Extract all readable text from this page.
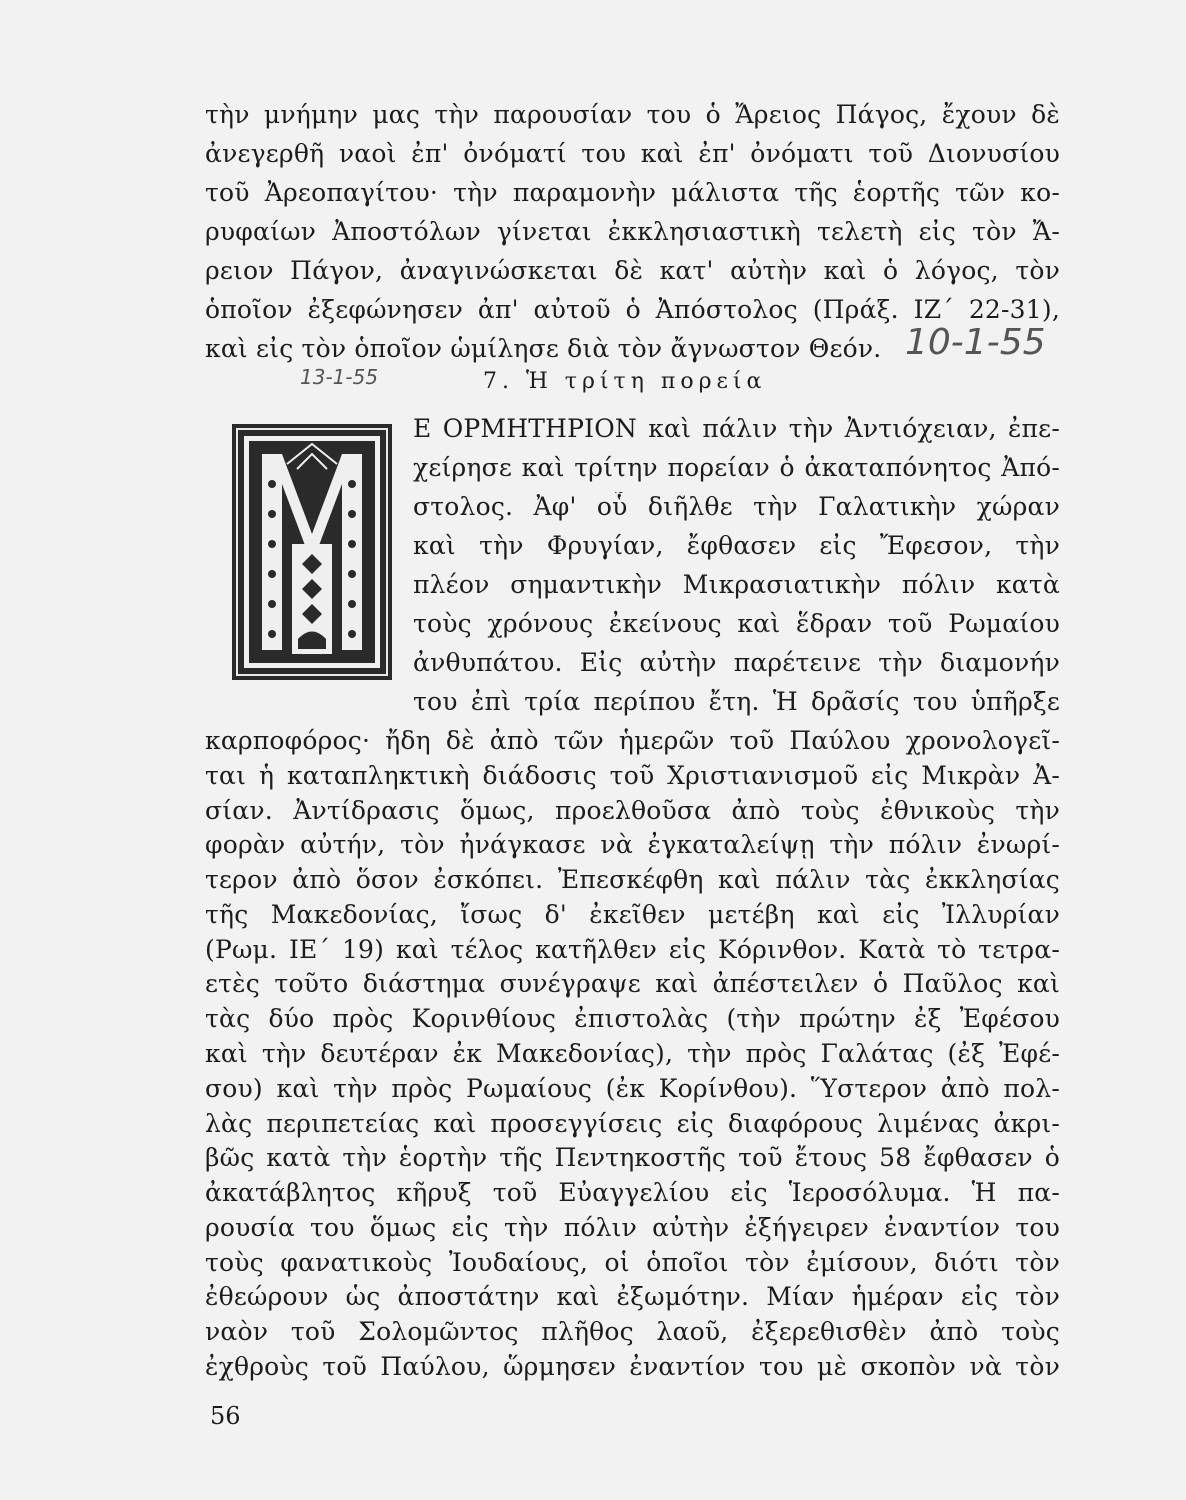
τὴν μνήμην μας τὴν παρουσίαν του ὁ Ἄρειος Πάγος, ἔχουν δὲ
ἀνεγερθῆ ναοὶ ἐπ' ὀνόματί του καὶ ἐπ' ὀνόματι τοῦ Διονυσίου
τοῦ Ἀρεοπαγίτου· τὴν παραμονὴν μάλιστα τῆς ἑορτῆς τῶν κο-
ρυφαίων Ἀποστόλων γίνεται ἐκκλησιαστικὴ τελετὴ εἰς τὸν Ἄ-
ρειον Πάγον, ἀναγινώσκεται δὲ κατ' αὐτὴν καὶ ὁ λόγος, τὸν
ὁποῖον ἐξεφώνησεν ἀπ' αὐτοῦ ὁ Ἀπόστολος (Πράξ. ΙΖ΄ 22-31),
καὶ εἰς τὸν ὁποῖον ὡμίλησε διὰ τὸν ἄγνωστον Θεόν. 10-1-55
13-1-55	7. Ἡ τρίτη πορεία
Ε ΟΡΜΗΤΗΡΙΟΝ καὶ πάλιν τὴν Ἀντιόχειαν, ἐπε-
χείρησε καὶ τρίτην πορείαν ὁ ἀκαταπόνητος Ἀπό-
στολος. Ἀφ' οὗ διῆλθε τὴν Γαλατικὴν χώραν
καὶ τὴν Φρυγίαν, ἔφθασεν εἰς Ἔφεσον, τὴν
πλέον σημαντικὴν Μικρασιατικὴν πόλιν κατὰ
τοὺς χρόνους ἐκείνους καὶ ἕδραν τοῦ Ρωμαίου
ἀνθυπάτου. Εἰς αὐτὴν παρέτεινε τὴν διαμονήν
του ἐπὶ τρία περίπου ἔτη. Ἡ δρᾶσίς του ὑπῆρξε
καρποφόρος· ἤδη δὲ ἀπὸ τῶν ἡμερῶν τοῦ Παύλου χρονολογεῖ-
ται ἡ καταπληκτικὴ διάδοσις τοῦ Χριστιανισμοῦ εἰς Μικρὰν Ἀ-
σίαν. Ἀντίδρασις ὅμως, προελθοῦσα ἀπὸ τοὺς ἐθνικοὺς τὴν
φορὰν αὐτήν, τὸν ἠνάγκασε νὰ ἐγκαταλείψῃ τὴν πόλιν ἐνωρί-
τερον ἀπὸ ὅσον ἐσκόπει. Ἐπεσκέφθη καὶ πάλιν τὰς ἐκκλησίας
τῆς Μακεδονίας, ἴσως δ' ἐκεῖθεν μετέβη καὶ εἰς Ἰλλυρίαν
(Ρωμ. ΙΕ΄ 19) καὶ τέλος κατῆλθεν εἰς Κόρινθον. Κατὰ τὸ τετρα-
ετὲς τοῦτο διάστημα συνέγραψε καὶ ἀπέστειλεν ὁ Παῦλος καὶ
τὰς δύο πρὸς Κορινθίους ἐπιστολὰς (τὴν πρώτην ἐξ Ἐφέσου
καὶ τὴν δευτέραν ἐκ Μακεδονίας), τὴν πρὸς Γαλάτας (ἐξ Ἐφέ-
σου) καὶ τὴν πρὸς Ρωμαίους (ἐκ Κορίνθου). Ὕστερον ἀπὸ πολ-
λὰς περιπετείας καὶ προσεγγίσεις εἰς διαφόρους λιμένας ἀκρι-
βῶς κατὰ τὴν ἑορτὴν τῆς Πεντηκοστῆς τοῦ ἔτους 58 ἔφθασεν ὁ
ἀκατάβλητος κῆρυξ τοῦ Εὐαγγελίου εἰς Ἱεροσόλυμα. Ἡ πα-
ρουσία του ὅμως εἰς τὴν πόλιν αὐτὴν ἐξήγειρεν ἐναντίον του
τοὺς φανατικοὺς Ἰουδαίους, οἱ ὁποῖοι τὸν ἐμίσουν, διότι τὸν
ἐθεώρουν ὡς ἀποστάτην καὶ ἐξωμότην. Μίαν ἡμέραν εἰς τὸν
56
ναὸν τοῦ Σολομῶντος πλῆθος λαοῦ, ἐξερεθισθὲν ἀπὸ τοὺς
ἐχθροὺς τοῦ Παύλου, ὥρμησεν ἐναντίον του μὲ σκοπὸν νὰ τὸν
